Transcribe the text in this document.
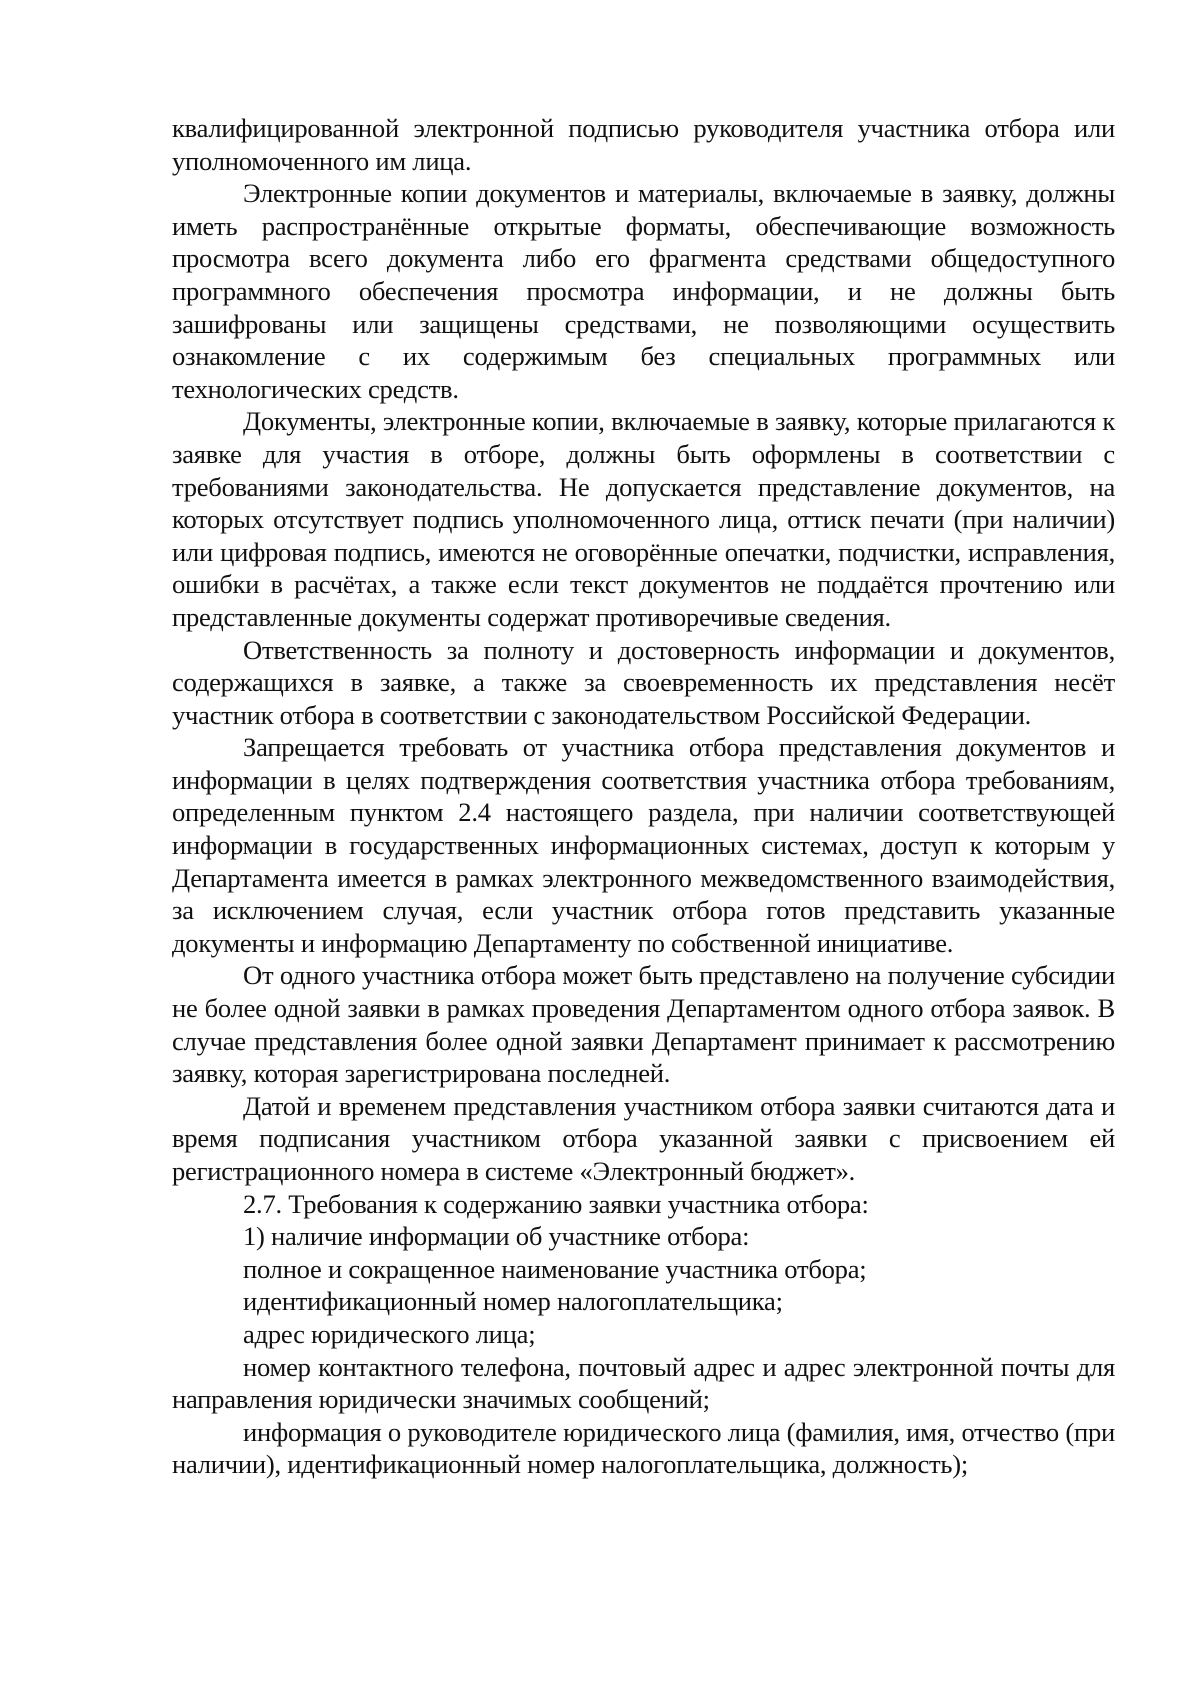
квалифицированной электронной подписью руководителя участника отбора или уполномоченного им лица.

Электронные копии документов и материалы, включаемые в заявку, должны иметь распространённые открытые форматы, обеспечивающие возможность просмотра всего документа либо его фрагмента средствами общедоступного программного обеспечения просмотра информации, и не должны быть зашифрованы или защищены средствами, не позволяющими осуществить ознакомление с их содержимым без специальных программных или технологических средств.

Документы, электронные копии, включаемые в заявку, которые прилагаются к заявке для участия в отборе, должны быть оформлены в соответствии с требованиями законодательства. Не допускается представление документов, на которых отсутствует подпись уполномоченного лица, оттиск печати (при наличии) или цифровая подпись, имеются не оговорённые опечатки, подчистки, исправления, ошибки в расчётах, а также если текст документов не поддаётся прочтению или представленные документы содержат противоречивые сведения.

Ответственность за полноту и достоверность информации и документов, содержащихся в заявке, а также за своевременность их представления несёт участник отбора в соответствии с законодательством Российской Федерации.

Запрещается требовать от участника отбора представления документов и информации в целях подтверждения соответствия участника отбора требованиям, определенным пунктом 2.4 настоящего раздела, при наличии соответствующей информации в государственных информационных системах, доступ к которым у Департамента имеется в рамках электронного межведомственного взаимодействия, за исключением случая, если участник отбора готов представить указанные документы и информацию Департаменту по собственной инициативе.

От одного участника отбора может быть представлено на получение субсидии не более одной заявки в рамках проведения Департаментом одного отбора заявок. В случае представления более одной заявки Департамент принимает к рассмотрению заявку, которая зарегистрирована последней.

Датой и временем представления участником отбора заявки считаются дата и время подписания участником отбора указанной заявки с присвоением ей регистрационного номера в системе «Электронный бюджет».

2.7. Требования к содержанию заявки участника отбора:

1) наличие информации об участнике отбора:

полное и сокращенное наименование участника отбора;

идентификационный номер налогоплательщика;

адрес юридического лица;

номер контактного телефона, почтовый адрес и адрес электронной почты для направления юридически значимых сообщений;

информация о руководителе юридического лица (фамилия, имя, отчество (при наличии), идентификационный номер налогоплательщика, должность);
